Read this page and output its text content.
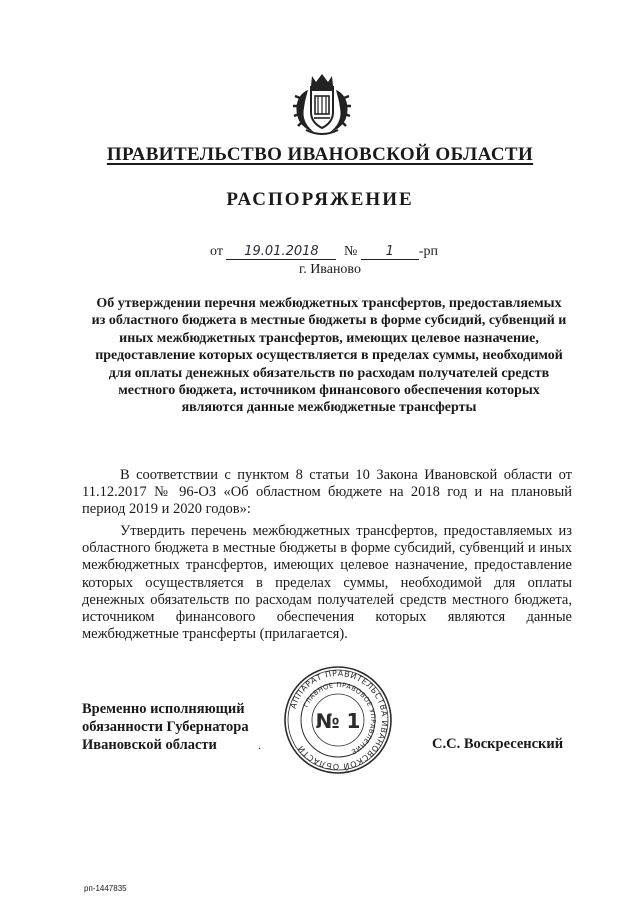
ПРАВИТЕЛЬСТВО ИВАНОВСКОЙ ОБЛАСТИ
РАСПОРЯЖЕНИЕ
от 19.01.2018 № 1 -рп
г. Иваново
Об утверждении перечня межбюджетных трансфертов, предоставляемых из областного бюджета в местные бюджеты в форме субсидий, субвенций и иных межбюджетных трансфертов, имеющих целевое назначение, предоставление которых осуществляется в пределах суммы, необходимой для оплаты денежных обязательств по расходам получателей средств местного бюджета, источником финансового обеспечения которых являются данные межбюджетные трансферты
В соответствии с пунктом 8 статьи 10 Закона Ивановской области от 11.12.2017 № 96-ОЗ «Об областном бюджете на 2018 год и на плановый период 2019 и 2020 годов»:
Утвердить перечень межбюджетных трансфертов, предоставляемых из областного бюджета в местные бюджеты в форме субсидий, субвенций и иных межбюджетных трансфертов, имеющих целевое назначение, предоставление которых осуществляется в пределах суммы, необходимой для оплаты денежных обязательств по расходам получателей средств местного бюджета, источником финансового обеспечения которых являются данные межбюджетные трансферты (прилагается).
Временно исполняющий
обязанности Губернатора
Ивановской области	.
АППАРАТ ПРАВИТЕЛЬСТВА ИВАНОВСКОЙ ОБЛАСТИ
ГЛАВНОЕ ПРАВОВОЕ УПРАВЛЕНИЕ
№ 1
С.С. Воскресенский
рп-1447835
